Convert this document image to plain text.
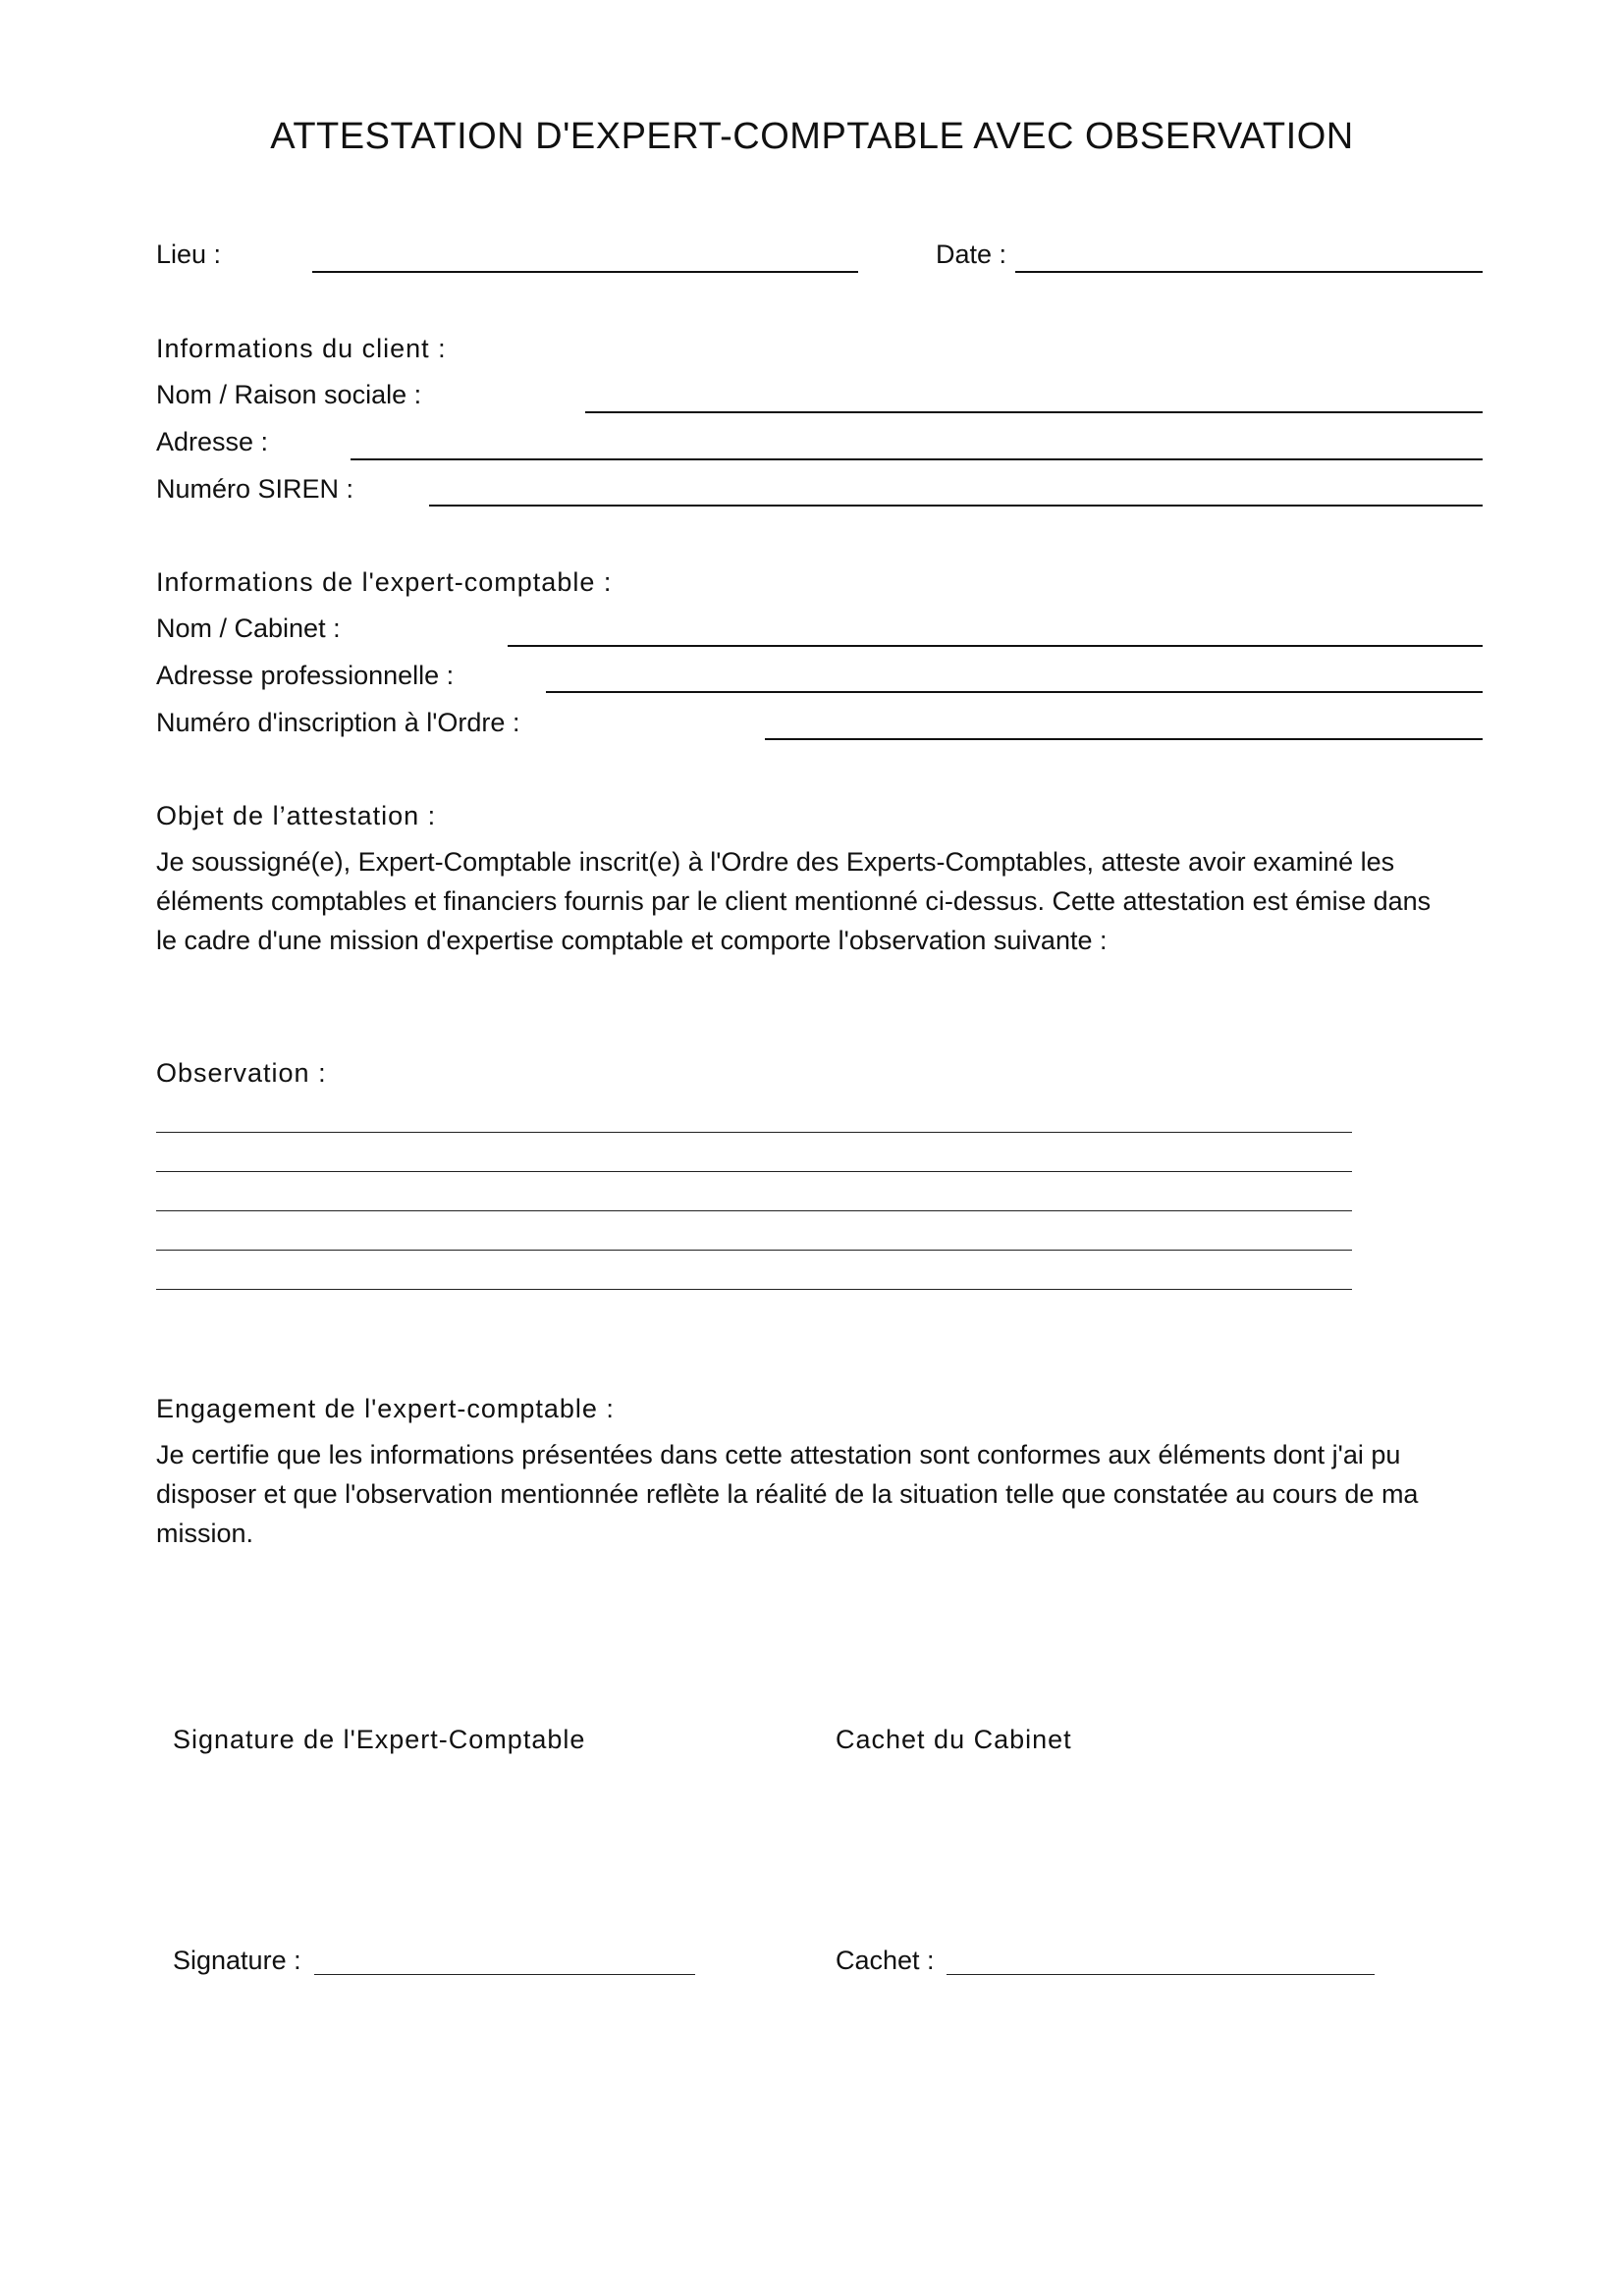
ATTESTATION D'EXPERT-COMPTABLE AVEC OBSERVATION
Lieu :	Date :
Informations du client :
Nom / Raison sociale :
Adresse :
Numéro SIREN :
Informations de l'expert-comptable :
Nom / Cabinet :
Adresse professionnelle :
Numéro d'inscription à l'Ordre :
Objet de l’attestation :
Je soussigné(e), Expert-Comptable inscrit(e) à l'Ordre des Experts-Comptables, atteste avoir examiné les
éléments comptables et financiers fournis par le client mentionné ci-dessus. Cette attestation est émise dans
le cadre d'une mission d'expertise comptable et comporte l'observation suivante :
Observation :
Engagement de l'expert-comptable :
Je certifie que les informations présentées dans cette attestation sont conformes aux éléments dont j'ai pu
disposer et que l'observation mentionnée reflète la réalité de la situation telle que constatée au cours de ma
mission.
Signature de l'Expert-Comptable	Cachet du Cabinet
Signature :	Cachet :
